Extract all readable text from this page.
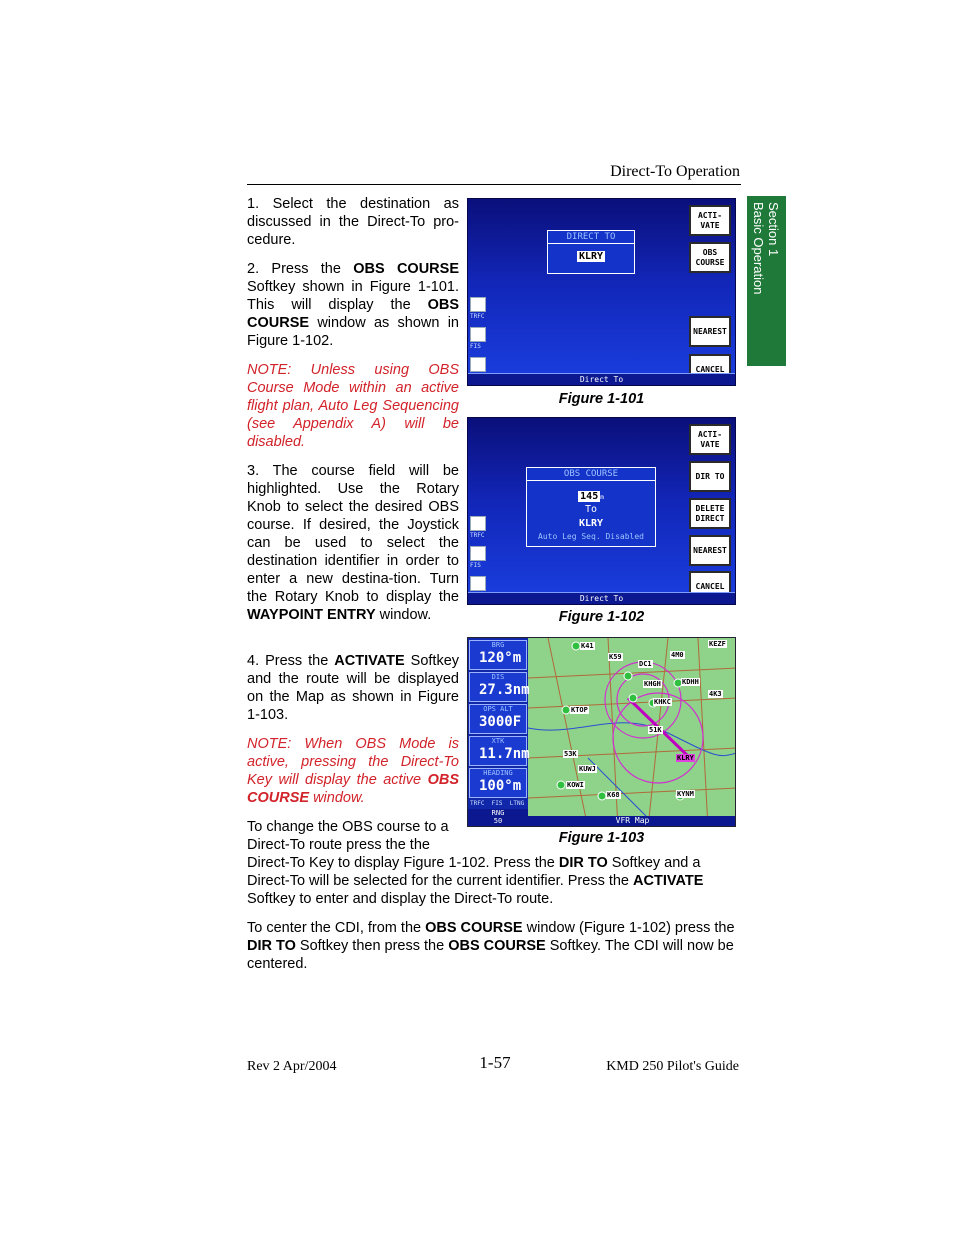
Direct-To Operation
Section 1
Basic Operation

1. Select the destination as discussed in the Direct-To pro-cedure.

2. Press the OBS COURSE Softkey shown in Figure 1-101. This will display the OBS COURSE window as shown in Figure 1-102.

NOTE: Unless using OBS Course Mode within an active flight plan, Auto Leg Sequencing (see Appendix A) will be disabled.

3. The course field will be highlighted. Use the Rotary Knob to select the desired OBS course. If desired, the Joystick can be used to select the destination identifier in order to enter a new destina-tion. Turn the Rotary Knob to display the WAYPOINT ENTRY window.

4. Press the ACTIVATE Softkey and the route will be displayed on the Map as shown in Figure 1-103.

NOTE: When OBS Mode is active, pressing the Direct-To Key will display the active OBS COURSE window.

To change the OBS course to a Direct-To route press the the

Direct-To Key to display Figure 1-102. Press the DIR TO Softkey and a Direct-To will be selected for the current identifier. Press the ACTIVATE Softkey to enter and display the Direct-To route.
To center the CDI, from the OBS COURSE window (Figure 1-102) press the DIR TO Softkey then press the OBS COURSE Softkey. The CDI will now be centered.
ACTI-
VATE
OBS
COURSE
NEAREST
CANCEL
DIRECT TO
KLRY
TRFC
FIS
Direct To
Figure 1-101
ACTI-
VATE
DIR TO
DELETE
DIRECT
NEAREST
CANCEL
OBS COURSE
145 m
To
KLRY
Auto Leg Seq. Disabled
TRFC
FIS
Direct To
Figure 1-102
K41
K59
KEZF
4M0
DC1
KHGH	KDHH
4K3
KTOP
KHKC
51K
KLRY
53K
KUWJ
KOWI
K68	KYNM
BRG
120°m
DIS
27.3nm
OPS ALT
3000F
XTK
11.7nm
HEADING
100°m
TRFC  FIS  LTNG
RNG
50	VFR Map
Figure 1-103
Rev 2 Apr/2004	1-57	KMD 250 Pilot's Guide
